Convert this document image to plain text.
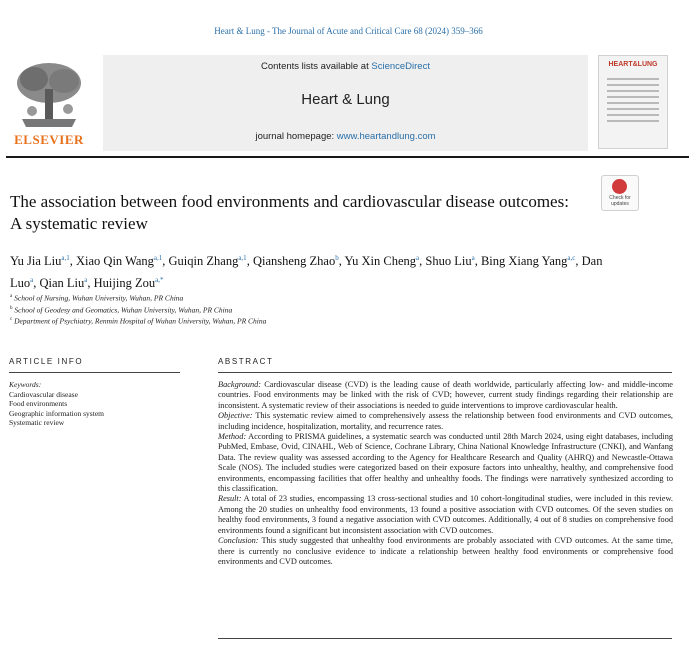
Heart & Lung - The Journal of Acute and Critical Care 68 (2024) 359–366
ELSEVIER
Contents lists available at ScienceDirect
Heart & Lung
journal homepage: www.heartandlung.com
HEART&LUNG
The association between food environments and cardiovascular disease outcomes: A systematic review
Check for updates
Yu Jia Liu$^{a,1}$, Xiao Qin Wang$^{a,1}$, Guiqin Zhang$^{a,1}$, Qiansheng Zhao$^b$, Yu Xin Cheng$^a$, Shuo Liu$^a$, Bing Xiang Yang$^{a,c}$, Dan Luo$^a$, Qian Liu$^a$, Huijing Zou$^{a,*}$
$^a$ School of Nursing, Wuhan University, Wuhan, PR China
$^b$ School of Geodesy and Geomatics, Wuhan University, Wuhan, PR China
$^c$ Department of Psychiatry, Renmin Hospital of Wuhan University, Wuhan, PR China
ARTICLE INFO
Keywords:
Cardiovascular disease
Food environments
Geographic information system
Systematic review
ABSTRACT

Background: Cardiovascular disease (CVD) is the leading cause of death worldwide, particularly affecting low- and middle-income countries. Food environments may be linked with the risk of CVD; however, current study findings regarding their relationship are inconsistent. A systematic review of their associations is needed to guide interventions to improve cardiovascular health.

Objective: This systematic review aimed to comprehensively assess the relationship between food environments and CVD outcomes, including incidence, hospitalization, mortality, and recurrence rates.

Method: According to PRISMA guidelines, a systematic search was conducted until 28th March 2024, using eight databases, including PubMed, Embase, Ovid, CINAHL, Web of Science, Cochrane Library, China National Knowledge Infrastructure (CNKI), and Wanfang Data. The review quality was assessed according to the Agency for Healthcare Research and Quality (AHRQ) and Newcastle-Ottawa Scale (NOS). The included studies were categorized based on their exposure factors into unhealthy, healthy, and comprehensive food environments, encompassing facilities that offer healthy and unhealthy foods. The findings were narratively synthesized according to this classification.

Result: A total of 23 studies, encompassing 13 cross-sectional studies and 10 cohort-longitudinal studies, were included in this review. Among the 20 studies on unhealthy food environments, 13 found a positive association with CVD outcomes. Of the seven studies on healthy food environments, 3 found a negative association with CVD outcomes. Additionally, 4 out of 8 studies on comprehensive food environments found a significant but inconsistent association with CVD outcomes.

Conclusion: This study suggested that unhealthy food environments are probably associated with CVD outcomes. At the same time, there is currently no conclusive evidence to indicate a relationship between healthy food environments or comprehensive food environments and CVD outcomes.
